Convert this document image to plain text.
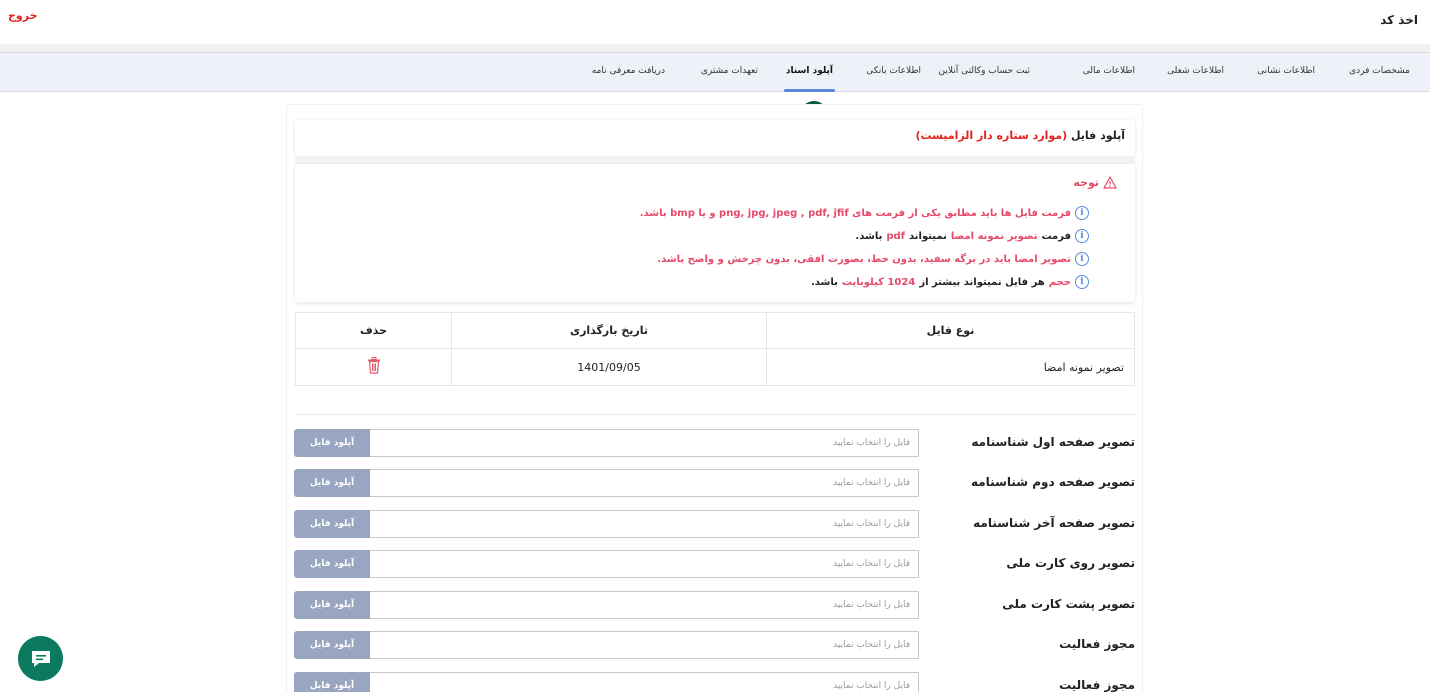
اخذ کد
خروج
مشخصات فردی
اطلاعات نشانی
اطلاعات شغلی
اطلاعات مالی
ثبت حساب وکالتی آنلاین
اطلاعات بانکی
آپلود اسناد
تعهدات مشتری
دریافت معرفی نامه
آپلود فایل (موارد ستاره دار الزامیست)
توجه
i
فرمت فایل ها باید مطابق یکی از فرمت های png, jpg, jpeg , pdf, jfif و یا bmp باشد.
i
فرمت
تصویر نمونه امضا
نمیتواند
pdf
باشد.
i
تصویر امضا باید در برگه سفید، بدون خط، بصورت افقی، بدون چرخش و واضح باشد.
i
حجم
هر فایل نمیتواند بیشتر از
1024 کیلوبایت
باشد.
نوع فایل	تاریخ بارگذاری	حذف
تصویر نمونه امضا	1401/09/05	
تصویر صفحه اول شناسنامه
فایل را انتخاب نمایید
آپلود فایل
تصویر صفحه دوم شناسنامه
فایل را انتخاب نمایید
آپلود فایل
تصویر صفحه آخر شناسنامه
فایل را انتخاب نمایید
آپلود فایل
تصویر روی کارت ملی
فایل را انتخاب نمایید
آپلود فایل
تصویر پشت کارت ملی
فایل را انتخاب نمایید
آپلود فایل
مجوز فعالیت
فایل را انتخاب نمایید
آپلود فایل
مجوز فعالیت
فایل را انتخاب نمایید
آپلود فایل
